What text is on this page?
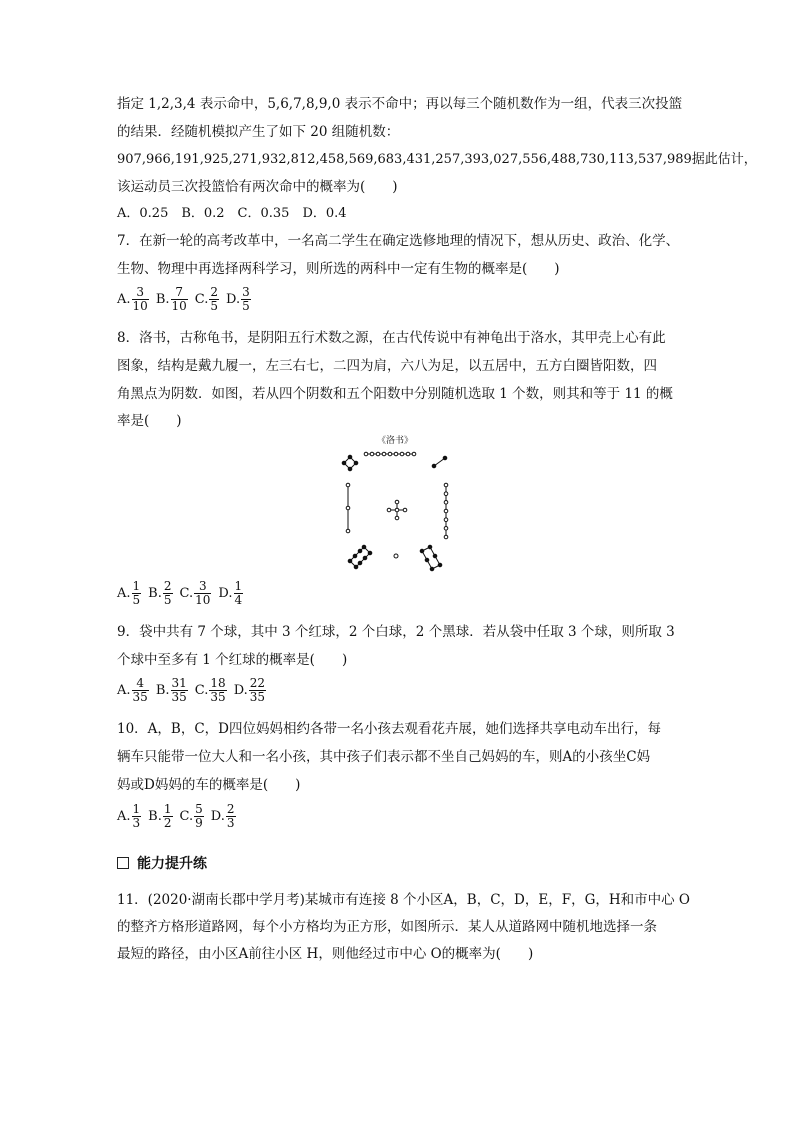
指定 1,2,3,4 表示命中，5,6,7,8,9,0 表示不命中；再以每三个随机数作为一组，代表三次投篮
的结果．经随机模拟产生了如下 20 组随机数：
907,966,191,925,271,932,812,458,569,683,431,257,393,027,556,488,730,113,537,989据此估计，
该运动员三次投篮恰有两次命中的概率为(　　)
A．0.25　B．0.2　C．0.35　D．0.4
7．在新一轮的高考改革中，一名高二学生在确定选修地理的情况下，想从历史、政治、化学、
生物、物理中再选择两科学习，则所选的两科中一定有生物的概率是(　　)
A. $\frac{3}{10} B$. $\frac{7}{10} C$. $\frac{2}{5} D$. $\frac{3}{5}$
8．洛书，古称龟书，是阴阳五行术数之源，在古代传说中有神龟出于洛水，其甲壳上心有此
图象，结构是戴九履一，左三右七，二四为肩，六八为足，以五居中，五方白圈皆阳数，四
角黑点为阴数．如图，若从四个阴数和五个阳数中分别随机选取 1 个数，则其和等于 11 的概
率是(　　)
《洛书》
A. $\frac{1}{5} B$. $\frac{2}{5} C$. $\frac{3}{10} D$. $\frac{1}{4}$
9．袋中共有 7 个球，其中 3 个红球，2 个白球，2 个黑球．若从袋中任取 3 个球，则所取 3
个球中至多有 1 个红球的概率是(　　)
A. $\frac{4}{35} B$. $\frac{31}{35} C$. $\frac{18}{35} D$. $\frac{22}{35}$
10．A，B，C，D四位妈妈相约各带一名小孩去观看花卉展，她们选择共享电动车出行，每
辆车只能带一位大人和一名小孩，其中孩子们表示都不坐自己妈妈的车，则A的小孩坐C妈
妈或D妈妈的车的概率是(　　)
A. $\frac{1}{3} B$. $\frac{1}{2} C$. $\frac{5}{9} D$. $\frac{2}{3}$
能力提升练
11．(2020·湖南长郡中学月考)某城市有连接 8 个小区A，B，C，D，E，F，G，H和市中心 O
的整齐方格形道路网，每个小方格均为正方形，如图所示．某人从道路网中随机地选择一条
最短的路径，由小区A前往小区 H，则他经过市中心 O的概率为(　　)
